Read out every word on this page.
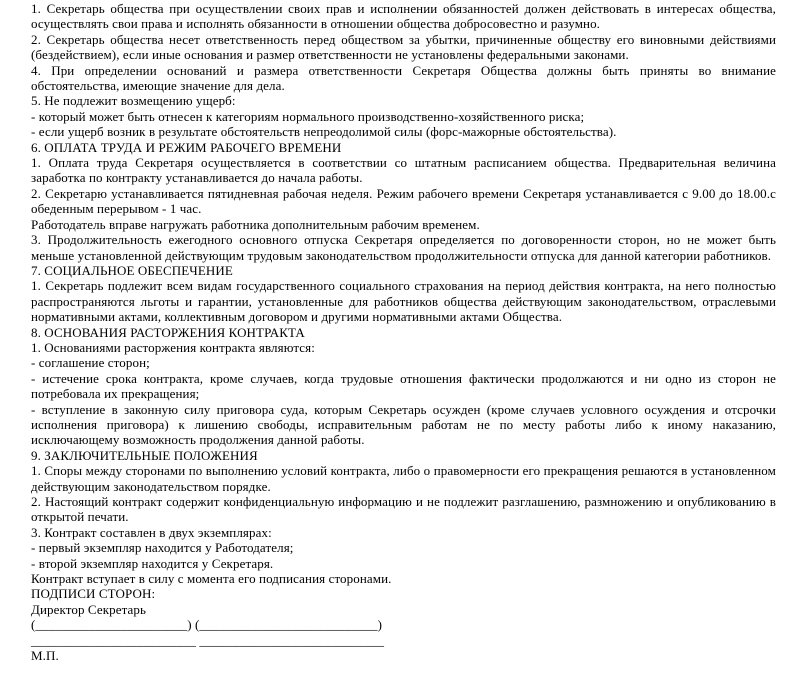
1. Секретарь общества при осуществлении своих прав и исполнении обязанностей должен действовать в интересах общества, осуществлять свои права и исполнять обязанности в отношении общества добросовестно и разумно.

2. Секретарь общества несет ответственность перед обществом за убытки, причиненные обществу его виновными действиями (бездействием), если иные основания и размер ответственности не установлены федеральными законами.

4. При определении оснований и размера ответственности Секретаря Общества должны быть приняты во внимание обстоятельства, имеющие значение для дела.

5. Не подлежит возмещению ущерб:

- который может быть отнесен к категориям нормального производственно-хозяйственного риска;

- если ущерб возник в результате обстоятельств непреодолимой силы (форс-мажорные обстоятельства).

6. ОПЛАТА ТРУДА И РЕЖИМ РАБОЧЕГО ВРЕМЕНИ

1. Оплата труда Секретаря осуществляется в соответствии со штатным расписанием общества. Предварительная величина заработка по контракту устанавливается до начала работы.

2. Секретарю устанавливается пятидневная рабочая неделя. Режим рабочего времени Секретаря устанавливается с 9.00 до 18.00.с обеденным перерывом - 1 час.

Работодатель вправе нагружать работника дополнительным рабочим временем.

3. Продолжительность ежегодного основного отпуска Секретаря определяется по договоренности сторон, но не может быть меньше установленной действующим трудовым законодательством продолжительности отпуска для данной категории работников.

7. СОЦИАЛЬНОЕ ОБЕСПЕЧЕНИЕ

1. Секретарь подлежит всем видам государственного социального страхования на период действия контракта, на него полностью распространяются льготы и гарантии, установленные для работников общества действующим законодательством, отраслевыми нормативными актами, коллективным договором и другими нормативными актами Общества.

8. ОСНОВАНИЯ РАСТОРЖЕНИЯ КОНТРАКТА

1. Основаниями расторжения контракта являются:

- соглашение сторон;

- истечение срока контракта, кроме случаев, когда трудовые отношения фактически продолжаются и ни одно из сторон не потребовала их прекращения;

- вступление в законную силу приговора суда, которым Секретарь осужден (кроме случаев условного осуждения и отсрочки исполнения приговора) к лишению свободы, исправительным работам не по месту работы либо к иному наказанию, исключающему возможность продолжения данной работы.

9. ЗАКЛЮЧИТЕЛЬНЫЕ ПОЛОЖЕНИЯ

1. Споры между сторонами по выполнению условий контракта, либо о правомерности его прекращения решаются в установленном действующим законодательством порядке.

2. Настоящий контракт содержит конфиденциальную информацию и не подлежит разглашению, размножению и опубликованию в открытой печати.

3. Контракт составлен в двух экземплярах:

- первый экземпляр находится у Работодателя;

- второй экземпляр находится у Секретаря.

Контракт вступает в силу с момента его подписания сторонами.

ПОДПИСИ СТОРОН:

Директор Секретарь

(_______________________) (___________________________)

_________________________ ____________________________

М.П.
